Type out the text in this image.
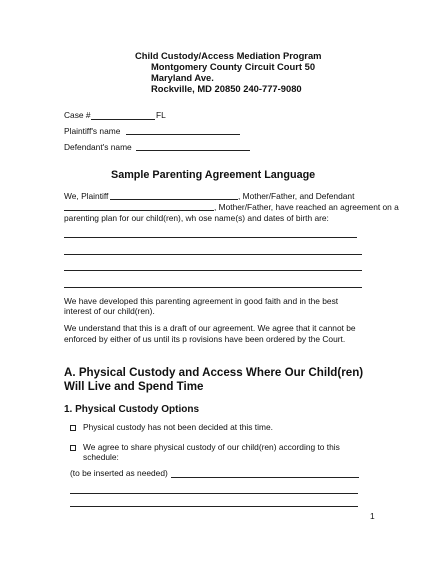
Child Custody/Access Mediation Program
Montgomery County Circuit Court 50
Maryland Ave.
Rockville, MD 20850 240-777-9080
Case #	FL
Plaintiff's name
Defendant's name
Sample Parenting Agreement Language
We, Plaintiff	, Mother/Father, and Defendant
, Mother/Father, have reached an agreement on a
parenting plan for our child(ren), wh ose name(s) and dates of birth are:
We have developed this parenting agreement in good faith and in the best
interest of our child(ren).
We understand that this is a draft of our agreement. We agree that it cannot be
enforced by either of us until its p rovisions have been ordered by the Court.
A. Physical Custody and Access Where Our Child(ren)
Will Live and Spend Time
1. Physical Custody Options
Physical custody has not been decided at this time.
We agree to share physical custody of our child(ren) according to this
schedule:
(to be inserted as needed)
1
